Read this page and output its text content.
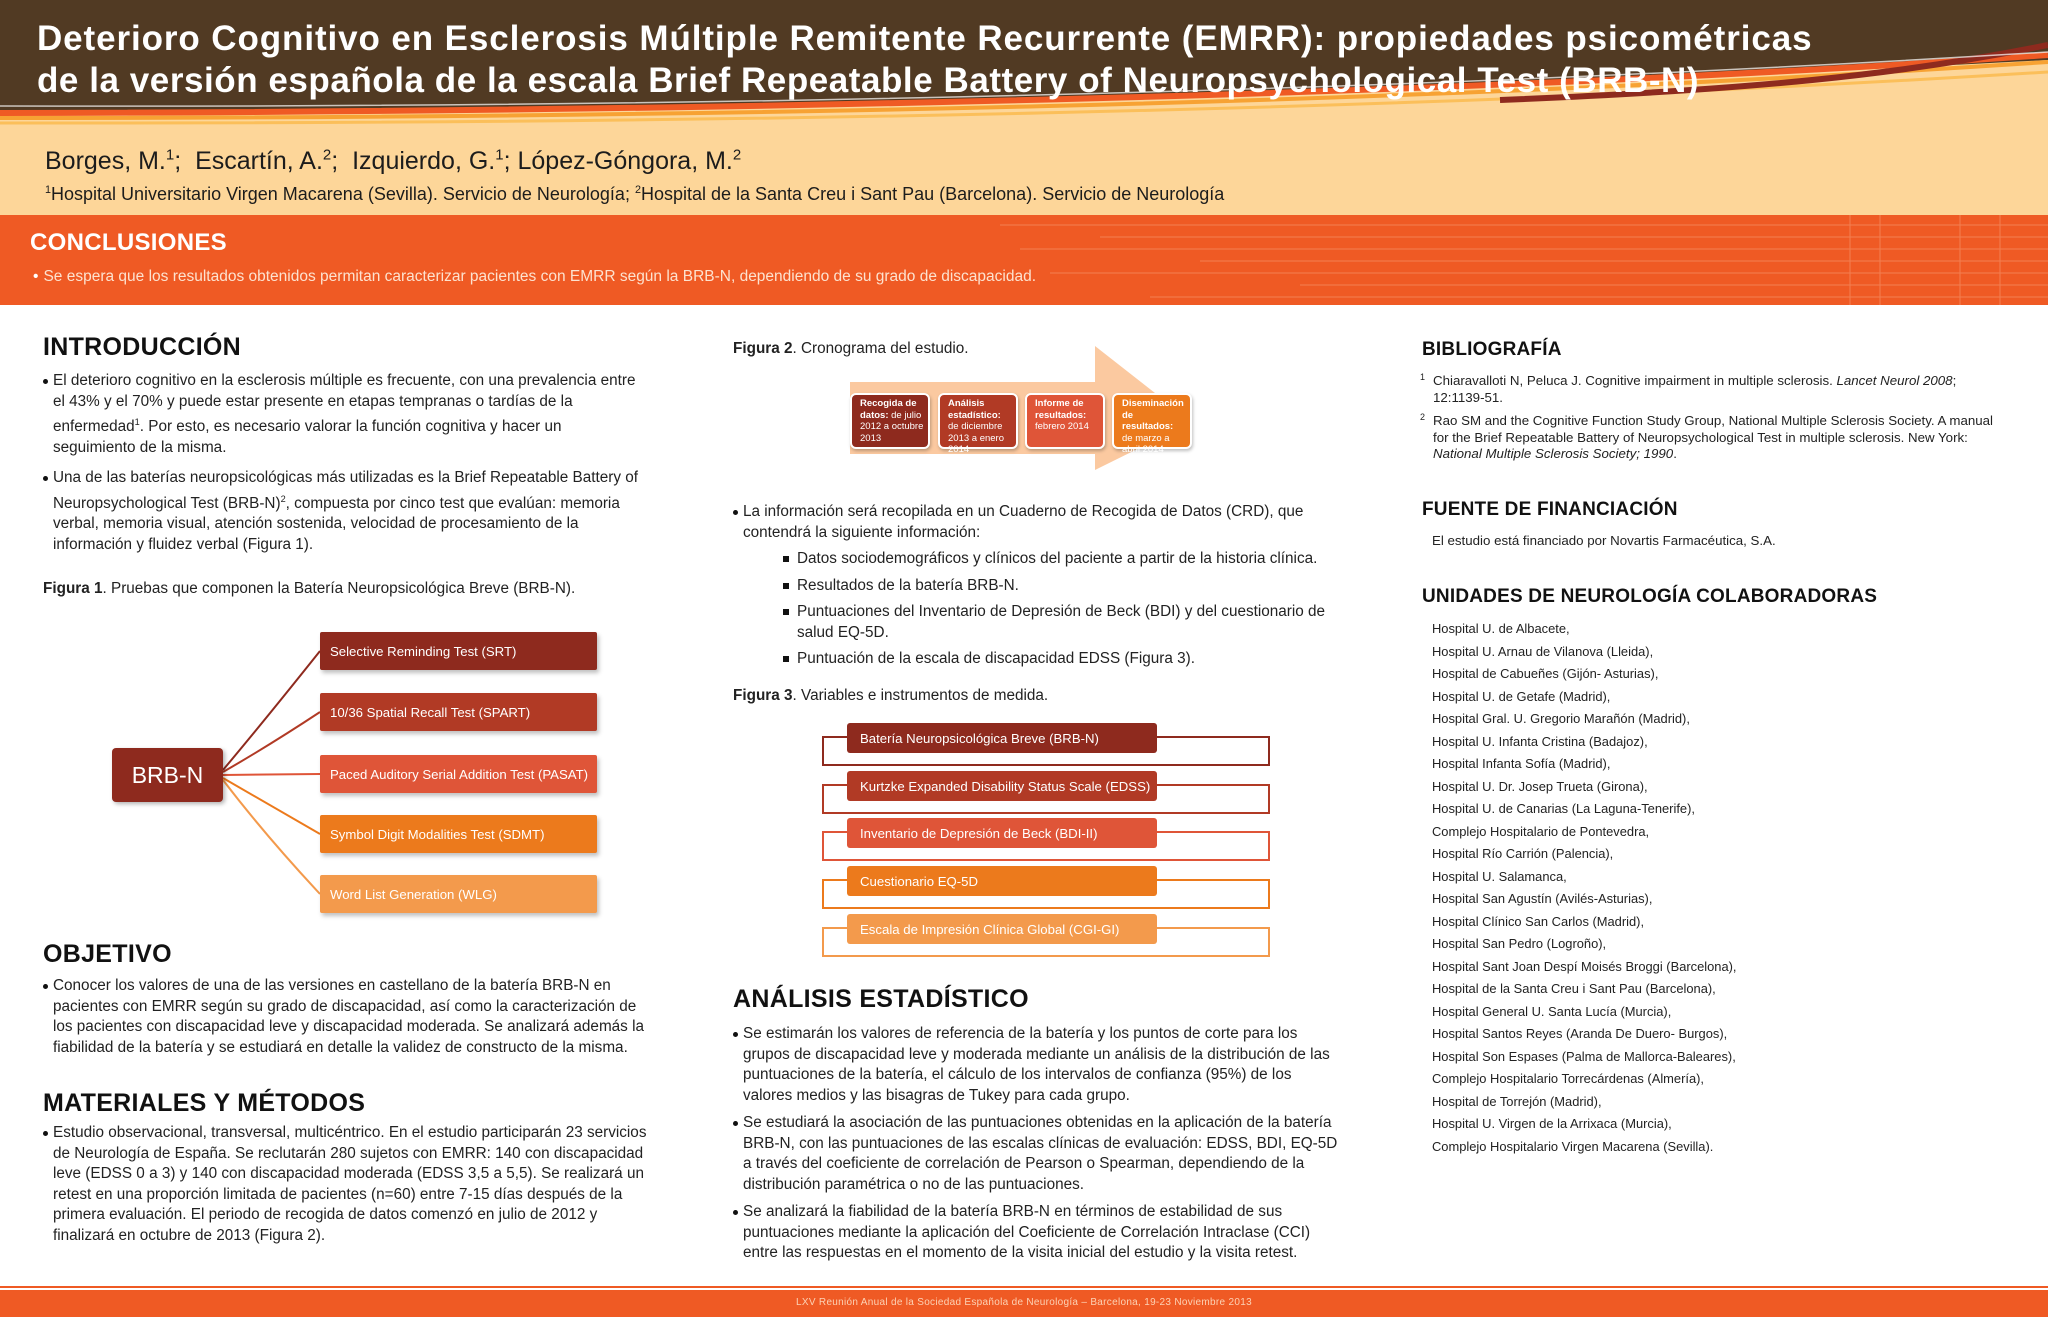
Deterioro Cognitivo en Esclerosis Múltiple Remitente Recurrente (EMRR): propiedades psicométricas
de la versión española de la escala Brief Repeatable Battery of Neuropsychological Test (BRB-N)
Borges, M.$^1$;  Escartín, A.$^2$;  Izquierdo, G.$^1$; López-Góngora, M.$^2$
$^1$Hospital Universitario Virgen Macarena (Sevilla). Servicio de Neurología; $^2$Hospital de la Santa Creu i Sant Pau (Barcelona). Servicio de Neurología
CONCLUSIONES
• Se espera que los resultados obtenidos permitan caracterizar pacientes con EMRR según la BRB-N, dependiendo de su grado de discapacidad.
INTRODUCCIÓN
El deterioro cognitivo en la esclerosis múltiple es frecuente, con una prevalencia entre el 43% y el 70% y puede estar presente en etapas tempranas o tardías de la enfermedad$^1$. Por esto, es necesario valorar la función cognitiva y hacer un seguimiento de la misma.
Una de las baterías neuropsicológicas más utilizadas es la Brief Repeatable Battery of Neuropsychological Test $(BRB-N)^2$, compuesta por cinco test que evalúan: memoria verbal, memoria visual, atención sostenida, velocidad de procesamiento de la información y fluidez verbal (Figura 1).
Figura 1. Pruebas que componen la Batería Neuropsicológica Breve (BRB-N).
BRB-N
Selective Reminding Test (SRT)
10/36 Spatial Recall Test (SPART)
Paced Auditory Serial Addition Test (PASAT)
Symbol Digit Modalities Test (SDMT)
Word List Generation (WLG)
OBJETIVO
Conocer los valores de una de las versiones en castellano de la batería BRB-N en pacientes con EMRR según su grado de discapacidad, así como la caracterización de los pacientes con discapacidad leve y discapacidad moderada. Se analizará además la fiabilidad de la batería y se estudiará en detalle la validez de constructo de la misma.
MATERIALES Y MÉTODOS
Estudio observacional, transversal, multicéntrico. En el estudio participarán 23 servicios de Neurología de España. Se reclutarán 280 sujetos con EMRR: 140 con discapacidad leve (EDSS 0 a 3) y 140 con discapacidad moderada (EDSS 3,5 a 5,5). Se realizará un retest en una proporción limitada de pacientes (n=60) entre 7-15 días después de la primera evaluación. El periodo de recogida de datos comenzó en julio de 2012 y finalizará en octubre de 2013 (Figura 2).
Figura 2. Cronograma del estudio.
Recogida de datos: de julio 2012 a octubre 2013
Análisis estadístico: de diciembre 2013 a enero 2014
Informe de resultados: febrero 2014
Diseminación de resultados: de marzo a abril 2014
La información será recopilada en un Cuaderno de Recogida de Datos (CRD), que contendrá la siguiente información:
Datos sociodemográficos y clínicos del paciente a partir de la historia clínica.
Resultados de la batería BRB-N.
Puntuaciones del Inventario de Depresión de Beck (BDI) y del cuestionario de salud EQ-5D.
Puntuación de la escala de discapacidad EDSS (Figura 3).
Figura 3. Variables e instrumentos de medida.
Batería Neuropsicológica Breve (BRB-N)
Kurtzke Expanded Disability Status Scale (EDSS)
Inventario de Depresión de Beck (BDI-II)
Cuestionario EQ-5D
Escala de Impresión Clínica Global (CGI-GI)
ANÁLISIS ESTADÍSTICO
Se estimarán los valores de referencia de la batería y los puntos de corte para los grupos de discapacidad leve y moderada mediante un análisis de la distribución de las puntuaciones de la batería, el cálculo de los intervalos de confianza (95%) de los valores medios y las bisagras de Tukey para cada grupo.
Se estudiará la asociación de las puntuaciones obtenidas en la aplicación de la batería BRB-N, con las puntuaciones de las escalas clínicas de evaluación: EDSS, BDI, EQ-5D a través del coeficiente de correlación de Pearson o Spearman, dependiendo de la distribución paramétrica o no de las puntuaciones.
Se analizará la fiabilidad de la batería BRB-N en términos de estabilidad de sus puntuaciones mediante la aplicación del Coeficiente de Correlación Intraclase (CCI) entre las respuestas en el momento de la visita inicial del estudio y la visita retest.
BIBLIOGRAFÍA
1 Chiaravalloti N, Peluca J. Cognitive impairment in multiple sclerosis. Lancet Neurol 2008; 12:1139-51.
2 Rao SM and the Cognitive Function Study Group, National Multiple Sclerosis Society. A manual for the Brief Repeatable Battery of Neuropsychological Test in multiple sclerosis. New York: National Multiple Sclerosis Society; 1990.
FUENTE DE FINANCIACIÓN
El estudio está financiado por Novartis Farmacéutica, S.A.
UNIDADES DE NEUROLOGÍA COLABORADORAS
Hospital U. de Albacete,
Hospital U. Arnau de Vilanova (Lleida),
Hospital de Cabueñes (Gijón- Asturias),
Hospital U. de Getafe (Madrid),
Hospital Gral. U. Gregorio Marañón (Madrid),
Hospital U. Infanta Cristina (Badajoz),
Hospital Infanta Sofía (Madrid),
Hospital U. Dr. Josep Trueta (Girona),
Hospital U. de Canarias (La Laguna-Tenerife),
Complejo Hospitalario de Pontevedra,
Hospital Río Carrión (Palencia),
Hospital U. Salamanca,
Hospital San Agustín (Avilés-Asturias),
Hospital Clínico San Carlos (Madrid),
Hospital San Pedro (Logroño),
Hospital Sant Joan Despí Moisés Broggi (Barcelona),
Hospital de la Santa Creu i Sant Pau (Barcelona),
Hospital General U. Santa Lucía (Murcia),
Hospital Santos Reyes (Aranda De Duero- Burgos),
Hospital Son Espases (Palma de Mallorca-Baleares),
Complejo Hospitalario Torrecárdenas (Almería),
Hospital de Torrejón (Madrid),
Hospital U. Virgen de la Arrixaca (Murcia),
Complejo Hospitalario Virgen Macarena (Sevilla).
LXV Reunión Anual de la Sociedad Española de Neurología – Barcelona, 19-23 Noviembre 2013
